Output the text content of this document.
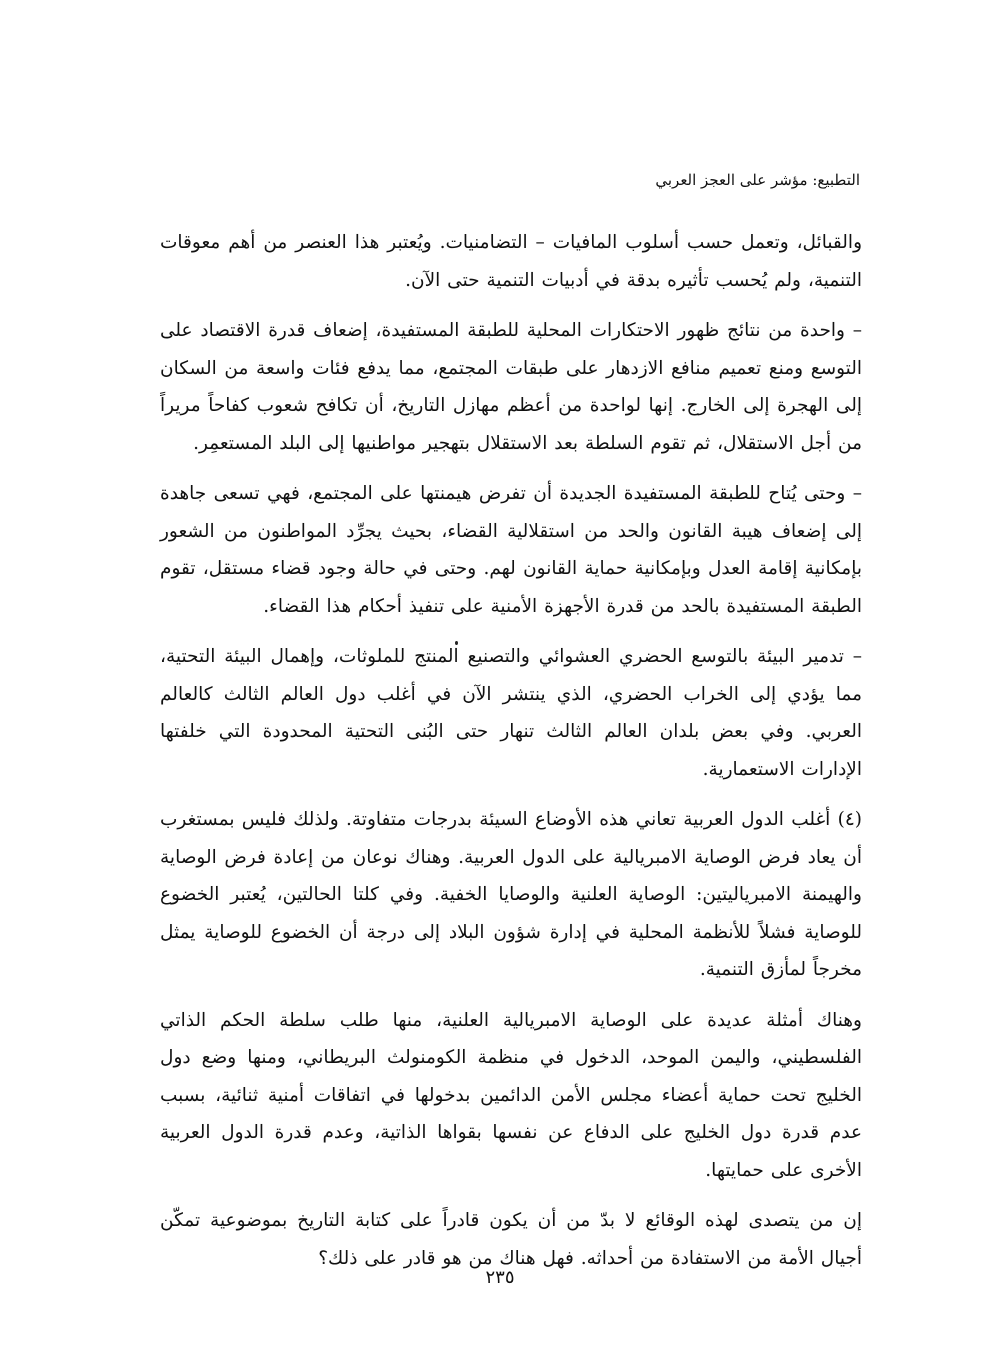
التطبيع: مؤشر على العجز العربي

والقبائل، وتعمل حسب أسلوب المافيات – التضامنيات. ويُعتبر هذا العنصر من أهم معوقات التنمية، ولم يُحسب تأثيره بدقة في أدبيات التنمية حتى الآن.

– واحدة من نتائج ظهور الاحتكارات المحلية للطبقة المستفيدة، إضعاف قدرة الاقتصاد على التوسع ومنع تعميم منافع الازدهار على طبقات المجتمع، مما يدفع فئات واسعة من السكان إلى الهجرة إلى الخارج. إنها لواحدة من أعظم مهازل التاريخ، أن تكافح شعوب كفاحاً مريراً من أجل الاستقلال، ثم تقوم السلطة بعد الاستقلال بتهجير مواطنيها إلى البلد المستعمِر.

– وحتى يُتاح للطبقة المستفيدة الجديدة أن تفرض هيمنتها على المجتمع، فهي تسعى جاهدة إلى إضعاف هيبة القانون والحد من استقلالية القضاء، بحيث يجرِّد المواطنون من الشعور بإمكانية إقامة العدل وبإمكانية حماية القانون لهم. وحتى في حالة وجود قضاء مستقل، تقوم الطبقة المستفيدة بالحد من قدرة الأجهزة الأمنية على تنفيذ أحكام هذا القضاء.

– تدمير البيئة بالتوسع الحضري العشوائي والتصنيع المنتج للملوثات، وإهمال البيئة التحتية، مما يؤدي إلى الخراب الحضري، الذي ينتشر الآن في أغلب دول العالم الثالث كالعالم العربي. وفي بعض بلدان العالم الثالث تنهار حتى البُنى التحتية المحدودة التي خلفتها الإدارات الاستعمارية.

(٤) أغلب الدول العربية تعاني هذه الأوضاع السيئة بدرجات متفاوتة. ولذلك فليس بمستغرب أن يعاد فرض الوصاية الامبريالية على الدول العربية. وهناك نوعان من إعادة فرض الوصاية والهيمنة الامبرياليتين: الوصاية العلنية والوصايا الخفية. وفي كلتا الحالتين، يُعتبر الخضوع للوصاية فشلاً للأنظمة المحلية في إدارة شؤون البلاد إلى درجة أن الخضوع للوصاية يمثل مخرجاً لمأزق التنمية.

وهناك أمثلة عديدة على الوصاية الامبريالية العلنية، منها طلب سلطة الحكم الذاتي الفلسطيني، واليمن الموحد، الدخول في منظمة الكومنولث البريطاني، ومنها وضع دول الخليج تحت حماية أعضاء مجلس الأمن الدائمين بدخولها في اتفاقات أمنية ثنائية، بسبب عدم قدرة دول الخليج على الدفاع عن نفسها بقواها الذاتية، وعدم قدرة الدول العربية الأخرى على حمايتها.

إن من يتصدى لهذه الوقائع لا بدّ من أن يكون قادراً على كتابة التاريخ بموضوعية تمكّن أجيال الأمة من الاستفادة من أحداثه. فهل هناك من هو قادر على ذلك؟

٢٣٥
